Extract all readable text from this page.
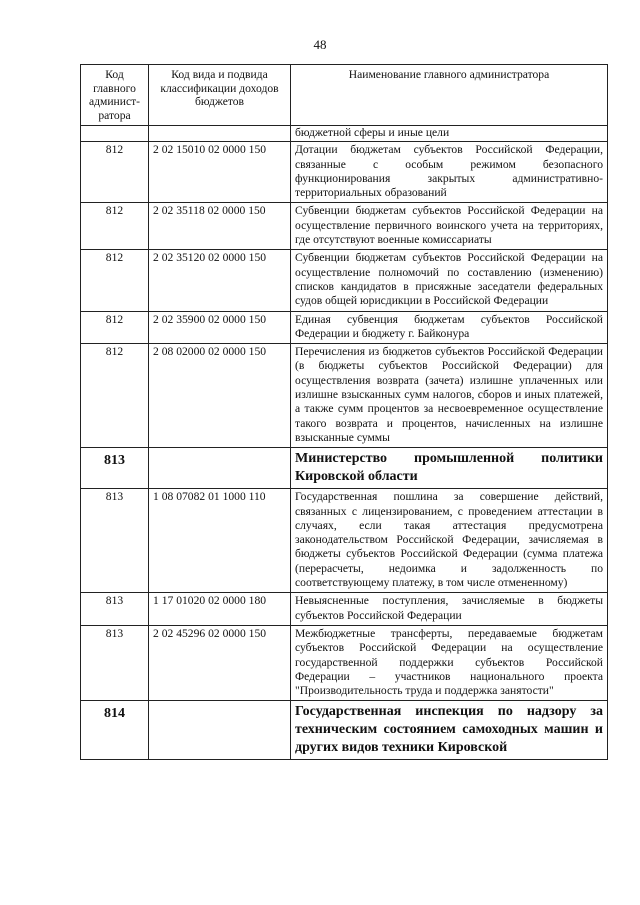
48
Код главного админист-ратора	Код вида и подвида классификации доходов бюджетов	Наименование главного администратора
		бюджетной сферы и иные цели
812	2 02 15010 02 0000 150	Дотации бюджетам субъектов Российской Федерации, связанные с особым режимом безопасного функционирования закрытых административно-территориальных образований
812	2 02 35118 02 0000 150	Субвенции бюджетам субъектов Российской Федерации на осуществление первичного воинского учета на территориях, где отсутствуют военные комиссариаты
812	2 02 35120 02 0000 150	Субвенции бюджетам субъектов Российской Федерации на осуществление полномочий по составлению (изменению) списков кандидатов в присяжные заседатели федеральных судов общей юрисдикции в Российской Федерации
812	2 02 35900 02 0000 150	Единая субвенция бюджетам субъектов Российской Федерации и бюджету г. Байконура
812	2 08 02000 02 0000 150	Перечисления из бюджетов субъектов Российской Федерации (в бюджеты субъектов Российской Федерации) для осуществления возврата (зачета) излишне уплаченных или излишне взысканных сумм налогов, сборов и иных платежей, а также сумм процентов за несвоевременное осуществление такого возврата и процентов, начисленных на излишне взысканные суммы
813		Министерство промышленной политики Кировской области
813	1 08 07082 01 1000 110	Государственная пошлина за совершение действий, связанных с лицензированием, с проведением аттестации в случаях, если такая аттестация предусмотрена законодательством Российской Федерации, зачисляемая в бюджеты субъектов Российской Федерации (сумма платежа (перерасчеты, недоимка и задолженность по соответствующему платежу, в том числе отмененному)
813	1 17 01020 02 0000 180	Невыясненные поступления, зачисляемые в бюджеты субъектов Российской Федерации
813	2 02 45296 02 0000 150	Межбюджетные трансферты, передаваемые бюджетам субъектов Российской Федерации на осуществление государственной поддержки субъектов Российской Федерации – участников национального проекта "Производительность труда и поддержка занятости"
814		Государственная инспекция по надзору за техническим состоянием самоходных машин и других видов техники Кировской
